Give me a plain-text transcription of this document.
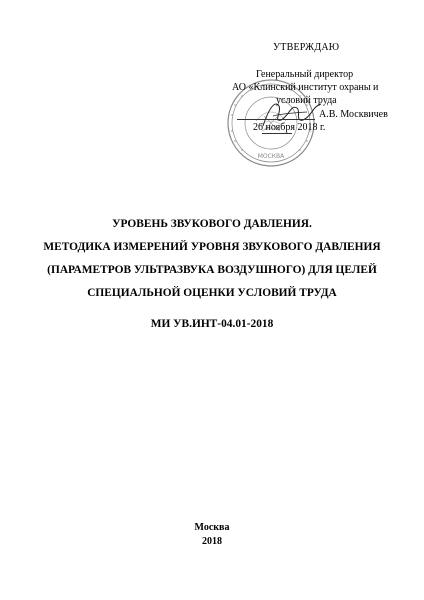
МОСКВА
УТВЕРЖДАЮ
Генеральный директор
АО «Клинский институт охраны и
условий труда
А.В. Москвичев
26 ноября 2018 г.
УРОВЕНЬ ЗВУКОВОГО ДАВЛЕНИЯ.
МЕТОДИКА ИЗМЕРЕНИЙ УРОВНЯ ЗВУКОВОГО ДАВЛЕНИЯ
(ПАРАМЕТРОВ УЛЬТРАЗВУКА ВОЗДУШНОГО) ДЛЯ ЦЕЛЕЙ
СПЕЦИАЛЬНОЙ ОЦЕНКИ УСЛОВИЙ ТРУДА
МИ УВ.ИНТ-04.01-2018
Москва
2018
